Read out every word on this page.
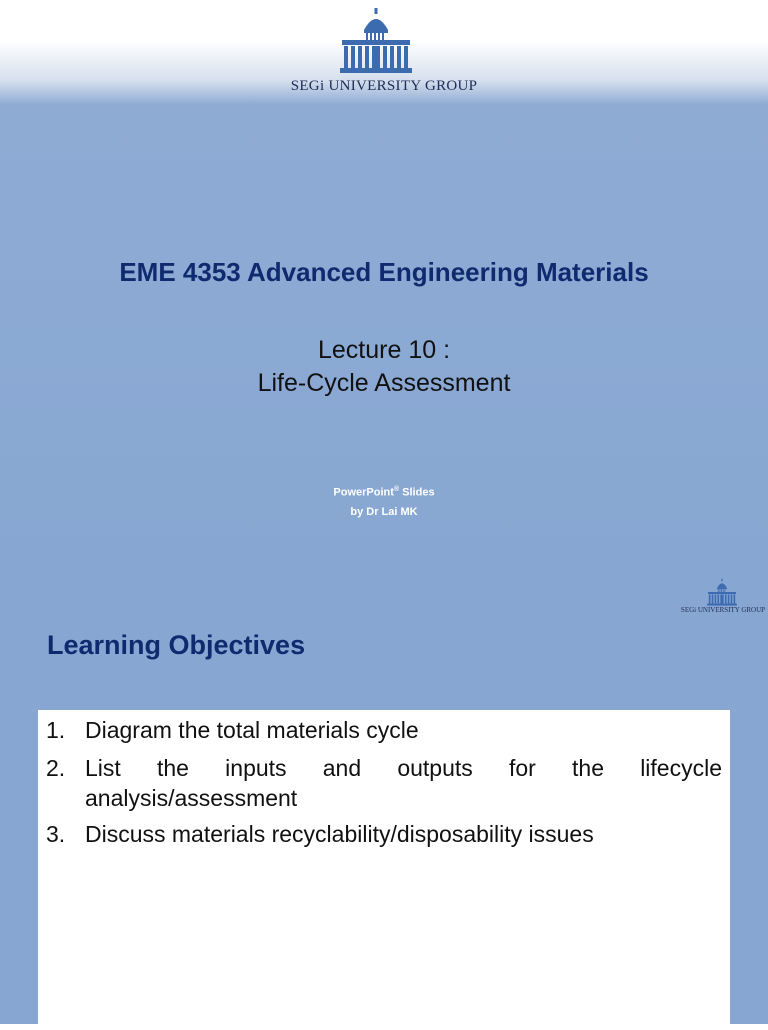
SEGi UNIVERSITY GROUP
EME 4353 Advanced Engineering Materials
Lecture 10 :
Life-Cycle Assessment
PowerPoint® Slides
by Dr Lai MK
SEGi UNIVERSITY GROUP
Learning Objectives
1. Diagram the total materials cycle
2. List the inputs and outputs for the lifecycle analysis/assessment
3. Discuss materials recyclability/disposability issues
